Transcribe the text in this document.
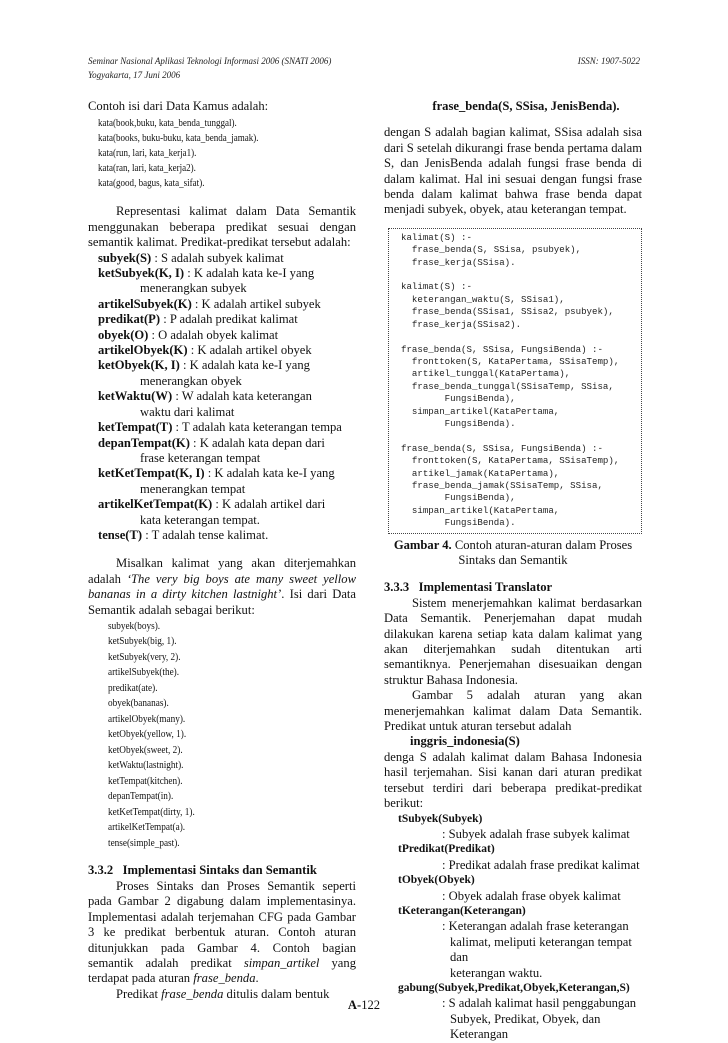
Seminar Nasional Aplikasi Teknologi Informasi 2006 (SNATI 2006)
Yogyakarta, 17 Juni 2006
ISSN: 1907-5022

Contoh isi dari Data Kamus adalah:

kata(book,buku, kata_benda_tunggal).
kata(books, buku-buku, kata_benda_jamak).
kata(run, lari, kata_kerja1).
kata(ran, lari, kata_kerja2).
kata(good, bagus, kata_sifat).

Representasi kalimat dalam Data Semantik menggunakan beberapa predikat sesuai dengan semantik kalimat. Predikat-predikat tersebut adalah:

subyek(S) : S adalah subyek kalimat
ketSubyek(K, I) : K adalah kata ke-I yang
menerangkan subyek
artikelSubyek(K) : K adalah artikel subyek
predikat(P) : P adalah predikat kalimat
obyek(O) : O adalah obyek kalimat
artikelObyek(K) : K adalah artikel obyek
ketObyek(K, I) : K adalah kata ke-I yang
menerangkan obyek
ketWaktu(W) : W adalah kata keterangan
waktu dari kalimat
ketTempat(T) : T adalah kata keterangan tempa
depanTempat(K) : K adalah kata depan dari
frase keterangan tempat
ketKetTempat(K, I) : K adalah kata ke-I yang
menerangkan tempat
artikelKetTempat(K) : K adalah artikel dari
kata keterangan tempat.
tense(T) : T adalah tense kalimat.

Misalkan kalimat yang akan diterjemahkan adalah ‘The very big boys ate many sweet yellow bananas in a dirty kitchen lastnight’. Isi dari Data Semantik adalah sebagai berikut:

subyek(boys).
ketSubyek(big, 1).
ketSubyek(very, 2).
artikelSubyek(the).
predikat(ate).
obyek(bananas).
artikelObyek(many).
ketObyek(yellow, 1).
ketObyek(sweet, 2).
ketWaktu(lastnight).
ketTempat(kitchen).
depanTempat(in).
ketKetTempat(dirty, 1).
artikelKetTempat(a).
tense(simple_past).

3.3.2   Implementasi Sintaks dan Semantik

Proses Sintaks dan Proses Semantik seperti pada Gambar 2 digabung dalam implementasinya. Implementasi adalah terjemahan CFG pada Gambar 3 ke predikat berbentuk aturan. Contoh aturan ditunjukkan pada Gambar 4. Contoh bagian semantik adalah predikat simpan_artikel yang terdapat pada aturan frase_benda.

Predikat frase_benda ditulis dalam bentuk

frase_benda(S, SSisa, JenisBenda).

dengan S adalah bagian kalimat, SSisa adalah sisa dari S setelah dikurangi frase benda pertama dalam S, dan JenisBenda adalah fungsi frase benda di dalam kalimat. Hal ini sesuai dengan fungsi frase benda dalam kalimat bahwa frase benda dapat menjadi subyek, obyek, atau keterangan tempat.

kalimat(S) :-
frase_benda(S, SSisa, psubyek),
frase_kerja(SSisa).

kalimat(S) :-
keterangan_waktu(S, SSisa1),
frase_benda(SSisa1, SSisa2, psubyek),
frase_kerja(SSisa2).

frase_benda(S, SSisa, FungsiBenda) :-
fronttoken(S, KataPertama, SSisaTemp),
artikel_tunggal(KataPertama),
frase_benda_tunggal(SSisaTemp, SSisa,
FungsiBenda),
simpan_artikel(KataPertama,
FungsiBenda).

frase_benda(S, SSisa, FungsiBenda) :-
fronttoken(S, KataPertama, SSisaTemp),
artikel_jamak(KataPertama),
frase_benda_jamak(SSisaTemp, SSisa,
FungsiBenda),
simpan_artikel(KataPertama,
FungsiBenda).
Gambar 4. Contoh aturan-aturan dalam Proses Sintaks dan Semantik

3.3.3   Implementasi Translator

Sistem menerjemahkan kalimat berdasarkan Data Semantik. Penerjemahan dapat mudah dilakukan karena setiap kata dalam kalimat yang akan diterjemahkan sudah ditentukan arti semantiknya. Penerjemahan disesuaikan dengan struktur Bahasa Indonesia.

Gambar 5 adalah aturan yang akan menerjemahkan kalimat dalam Data Semantik. Predikat untuk aturan tersebut adalah

inggris_indonesia(S)

denga S adalah kalimat dalam Bahasa Indonesia hasil terjemahan. Sisi kanan dari aturan predikat tersebut terdiri dari beberapa predikat-predikat berikut:

tSubyek(Subyek)
: Subyek adalah frase subyek kalimat
tPredikat(Predikat)
: Predikat adalah frase predikat kalimat
tObyek(Obyek)
: Obyek adalah frase obyek kalimat
tKeterangan(Keterangan)
: Keterangan adalah frase keterangan
kalimat, meliputi keterangan tempat dan
keterangan waktu.
gabung(Subyek,Predikat,Obyek,Keterangan,S)
: S adalah kalimat hasil penggabungan
Subyek, Predikat, Obyek, dan
Keterangan
A-122
